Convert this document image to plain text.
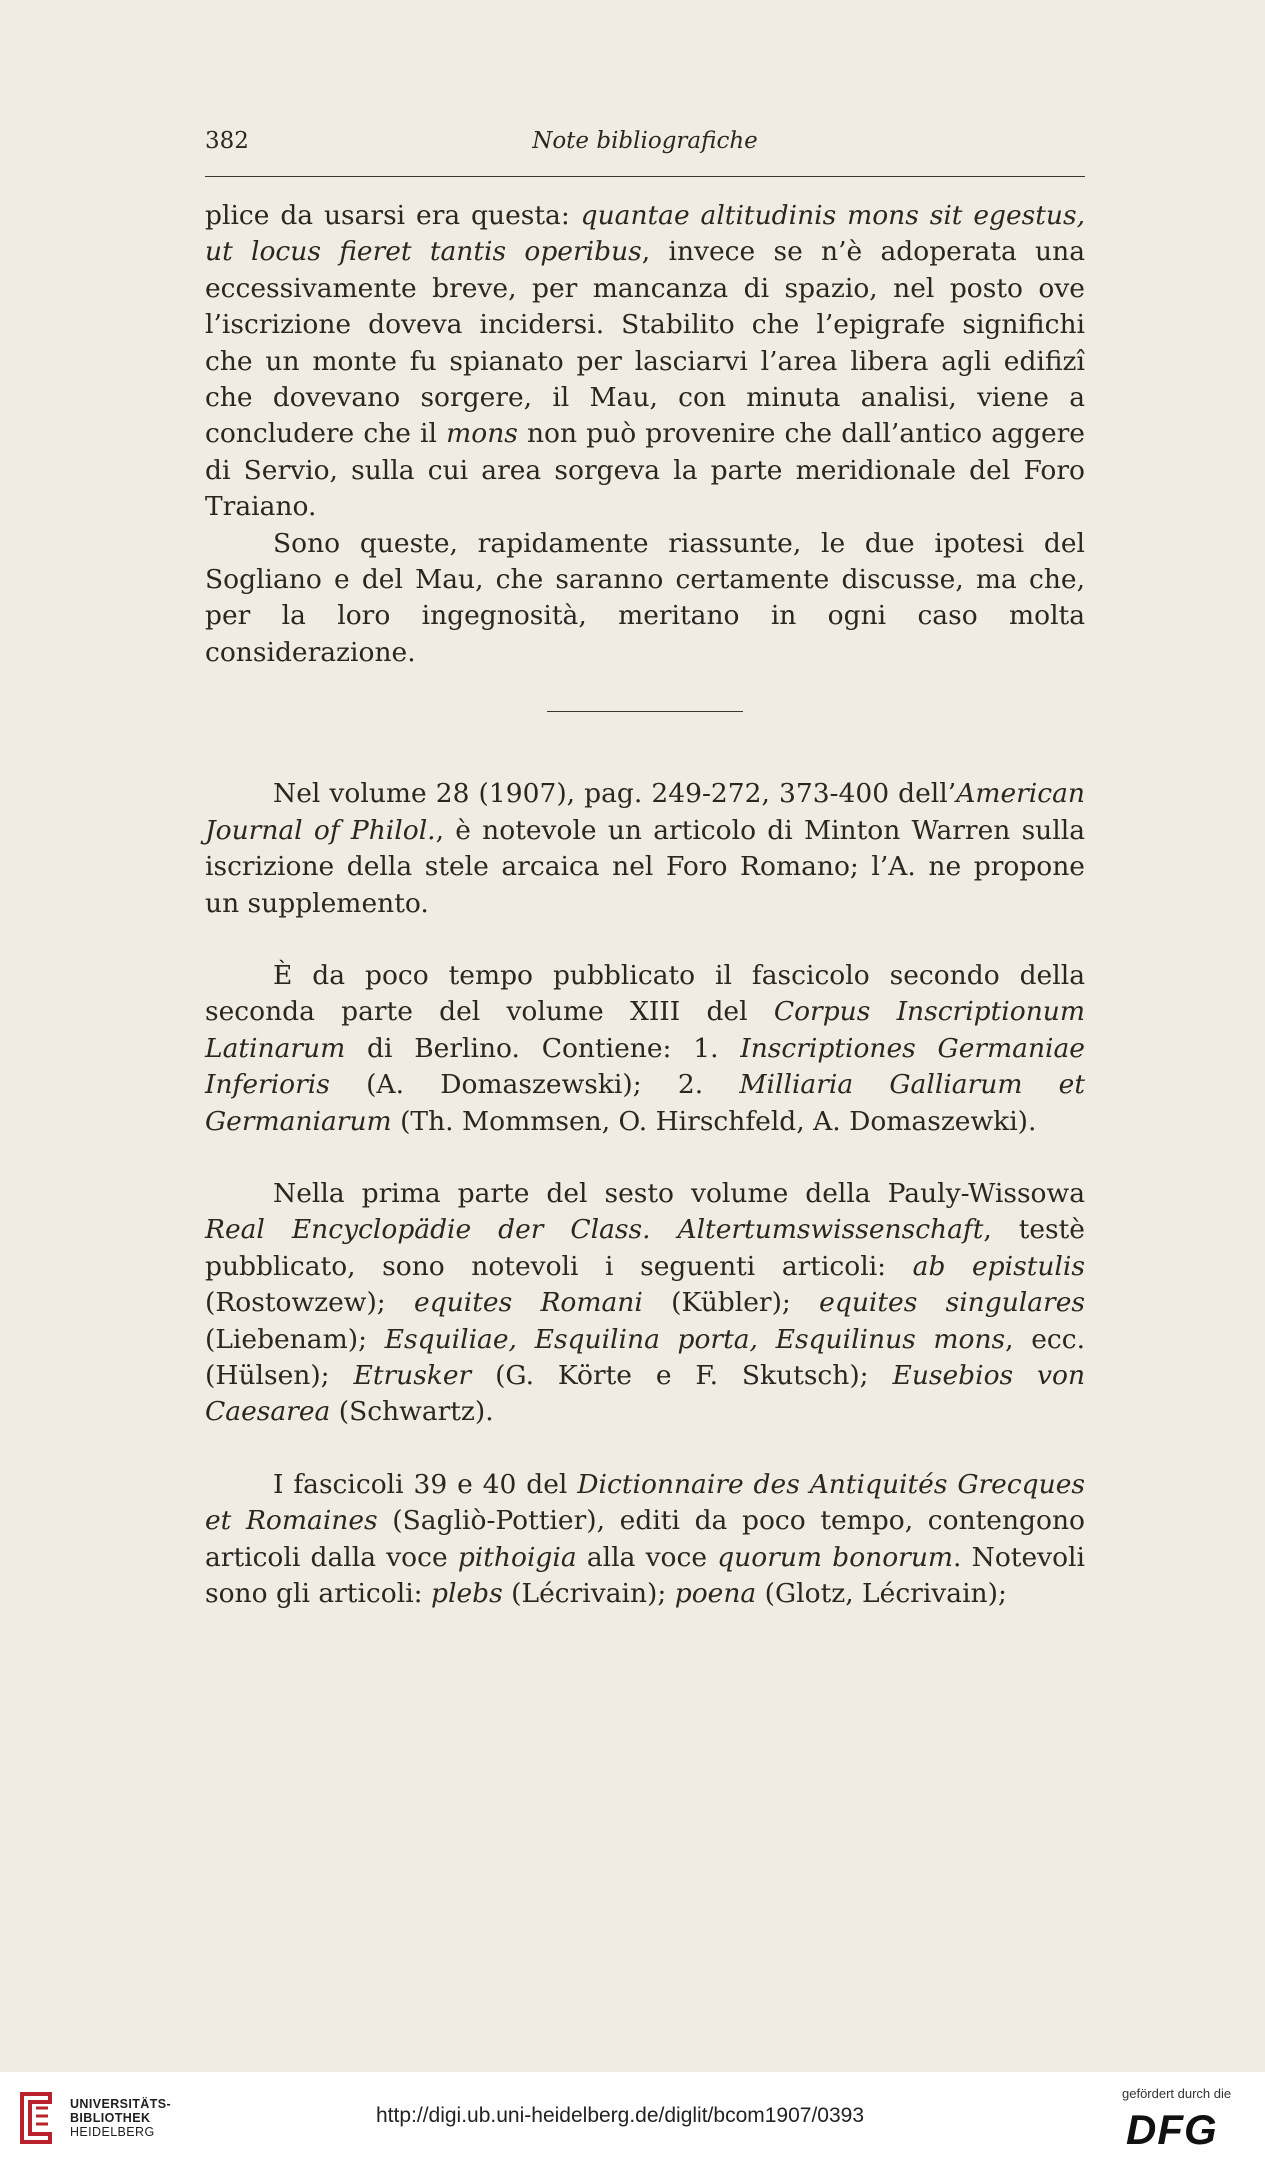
382	Note bibliografiche

plice da usarsi era questa: quantae altitudinis mons sit egestus, ut locus fieret tantis operibus, invece se n’è adoperata una eccessivamente breve, per mancanza di spazio, nel posto ove l’iscrizione doveva incidersi. Stabilito che l’epigrafe significhi che un monte fu spianato per lasciarvi l’area libera agli edifizî che dovevano sorgere, il Mau, con minuta analisi, viene a concludere che il mons non può provenire che dall’antico aggere di Servio, sulla cui area sorgeva la parte meridionale del Foro Traiano.

Sono queste, rapidamente riassunte, le due ipotesi del Sogliano e del Mau, che saranno certamente discusse, ma che, per la loro ingegnosità, meritano in ogni caso molta considerazione.

Nel volume 28 (1907), pag. 249-272, 373-400 dell’American Journal of Philol., è notevole un articolo di Minton Warren sulla iscrizione della stele arcaica nel Foro Romano; l’A. ne propone un supplemento.

È da poco tempo pubblicato il fascicolo secondo della seconda parte del volume XIII del Corpus Inscriptionum Latinarum di Berlino. Contiene: 1. Inscriptiones Germaniae Inferioris (A. Domaszewski); 2. Milliaria Galliarum et Germaniarum (Th. Mommsen, O. Hirschfeld, A. Domaszewki).

Nella prima parte del sesto volume della Pauly-Wissowa Real Encyclopädie der Class. Altertumswissenschaft, testè pubblicato, sono notevoli i seguenti articoli: ab epistulis (Rostowzew); equites Romani (Kübler); equites singulares (Liebenam); Esquiliae, Esquilina porta, Esquilinus mons, ecc. (Hülsen); Etrusker (G. Körte e F. Skutsch); Eusebios von Caesarea (Schwartz).

I fascicoli 39 e 40 del Dictionnaire des Antiquités Grecques et Romaines (Sagliò-Pottier), editi da poco tempo, contengono articoli dalla voce pithoigia alla voce quorum bonorum. Notevoli sono gli articoli: plebs (Lécrivain); poena (Glotz, Lécrivain);

UNIVERSITÄTS-
BIBLIOTHEK
HEIDELBERG
http://digi.ub.uni-heidelberg.de/diglit/bcom1907/0393
gefördert durch die
DFG
